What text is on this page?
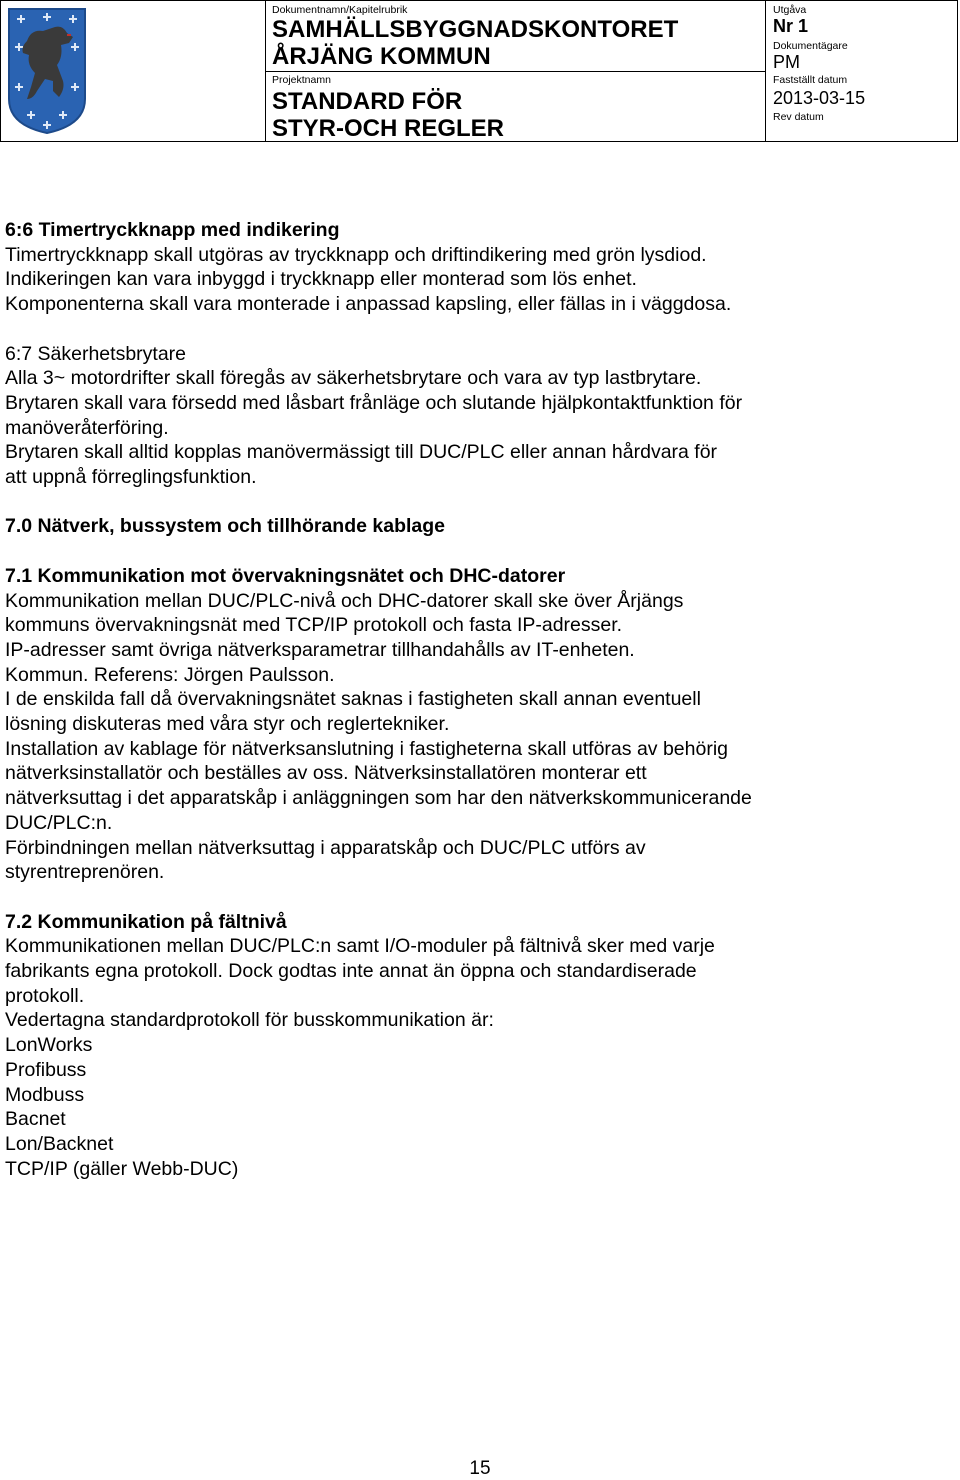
Dokumentnamn/Kapitelrubrik
SAMHÄLLSBYGGNADSKONTORET
ÅRJÄNG KOMMUN
Projektnamn
STANDARD FÖR
STYR-OCH REGLER
Utgåva
Nr 1
Dokumentägare
PM
Fastställt datum
2013-03-15
Rev datum

6:6 Timertryckknapp med indikering

Timertryckknapp skall utgöras av tryckknapp och driftindikering med grön lysdiod.

Indikeringen kan vara inbyggd i tryckknapp eller monterad som lös enhet.

Komponenterna skall vara monterade i anpassad kapsling, eller fällas in i väggdosa.

6:7 Säkerhetsbrytare

Alla 3~ motordrifter skall föregås av säkerhetsbrytare och vara av typ lastbrytare.

Brytaren skall vara försedd med låsbart frånläge och slutande hjälpkontaktfunktion för

manöveråterföring.

Brytaren skall alltid kopplas manövermässigt till DUC/PLC eller annan hårdvara för

att uppnå förreglingsfunktion.

7.0 Nätverk, bussystem och tillhörande kablage

7.1 Kommunikation mot övervakningsnätet och DHC-datorer

Kommunikation mellan DUC/PLC-nivå och DHC-datorer skall ske över Årjängs

kommuns övervakningsnät med TCP/IP protokoll och fasta IP-adresser.

IP-adresser samt övriga nätverksparametrar tillhandahålls av IT-enheten.

Kommun. Referens: Jörgen Paulsson.

I de enskilda fall då övervakningsnätet saknas i fastigheten skall annan eventuell

lösning diskuteras med våra styr och reglertekniker.

Installation av kablage för nätverksanslutning i fastigheterna skall utföras av behörig

nätverksinstallatör och beställes av oss. Nätverksinstallatören monterar ett

nätverksuttag i det apparatskåp i anläggningen som har den nätverkskommunicerande

DUC/PLC:n.

Förbindningen mellan nätverksuttag i apparatskåp och DUC/PLC utförs av

styrentreprenören.

7.2 Kommunikation på fältnivå

Kommunikationen mellan DUC/PLC:n samt I/O-moduler på fältnivå sker med varje

fabrikants egna protokoll. Dock godtas inte annat än öppna och standardiserade

protokoll.

Vedertagna standardprotokoll för busskommunikation är:

LonWorks

Profibuss

Modbuss

Bacnet

Lon/Backnet

TCP/IP (gäller Webb-DUC)

15
